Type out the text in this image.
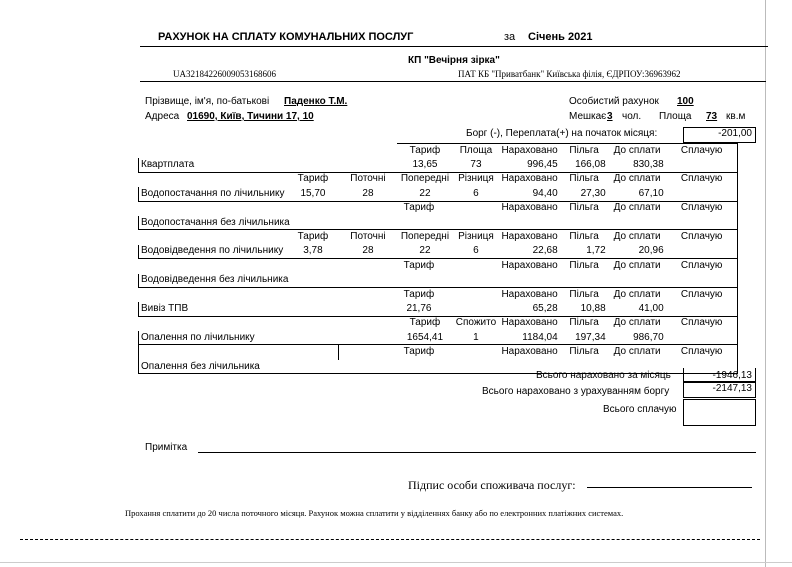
РАХУНОК НА СПЛАТУ КОМУНАЛЬНИХ ПОСЛУГ	за Січень 2021
КП "Вечірня зірка"
UA32184226009053168606	ПАТ КБ "Приватбанк" Київська філія, ЄДРПОУ:36963962
Прізвище, ім'я, по-батькові Паденко Т.М.
Адреса 01690, Київ, Тичини 17, 10
Особистий рахунок 100
Мешкає 3 чол. Площа 73 кв.м
Борг (-), Переплата(+) на початок місяця:	-201,00
			Тариф	Площа	Нараховано	Пільга	До сплати	Сплачую
Квартплата			13,65	73	996,45	166,08	830,38	
	Тариф	Поточні	Попередні	Різниця	Нараховано	Пільга	До сплати	Сплачую
Водопостачання по лічильнику	15,70	28	22	6	94,40	27,30	67,10	
		Тариф			Нараховано	Пільга	До сплати	Сплачую
Водопостачання без лічильника								
	Тариф	Поточні	Попередні	Різниця	Нараховано	Пільга	До сплати	Сплачую
Водовідведення по лічильнику	3,78	28	22	6	22,68	1,72	20,96	
		Тариф			Нараховано	Пільга	До сплати	Сплачую
Водовідведення без лічильника								
		Тариф			Нараховано	Пільга	До сплати	Сплачую
Вивіз ТПВ		21,76			65,28	10,88	41,00	
			Тариф	Спожито	Нараховано	Пільга	До сплати	Сплачую
Опалення по лічильнику			1654,41	1	1184,04	197,34	986,70	
		Тариф			Нараховано	Пільга	До сплати	Сплачую
Опалення без лічильника								
Всього нараховано за місяць	-1946,13
Всього нараховано з урахуванням боргу	-2147,13
Всього сплачую
Примітка
Підпис особи споживача послуг:
Прохання сплатити до 20 числа поточного місяця. Рахунок можна сплатити у відділеннях банку або по електронних платіжних системах.
